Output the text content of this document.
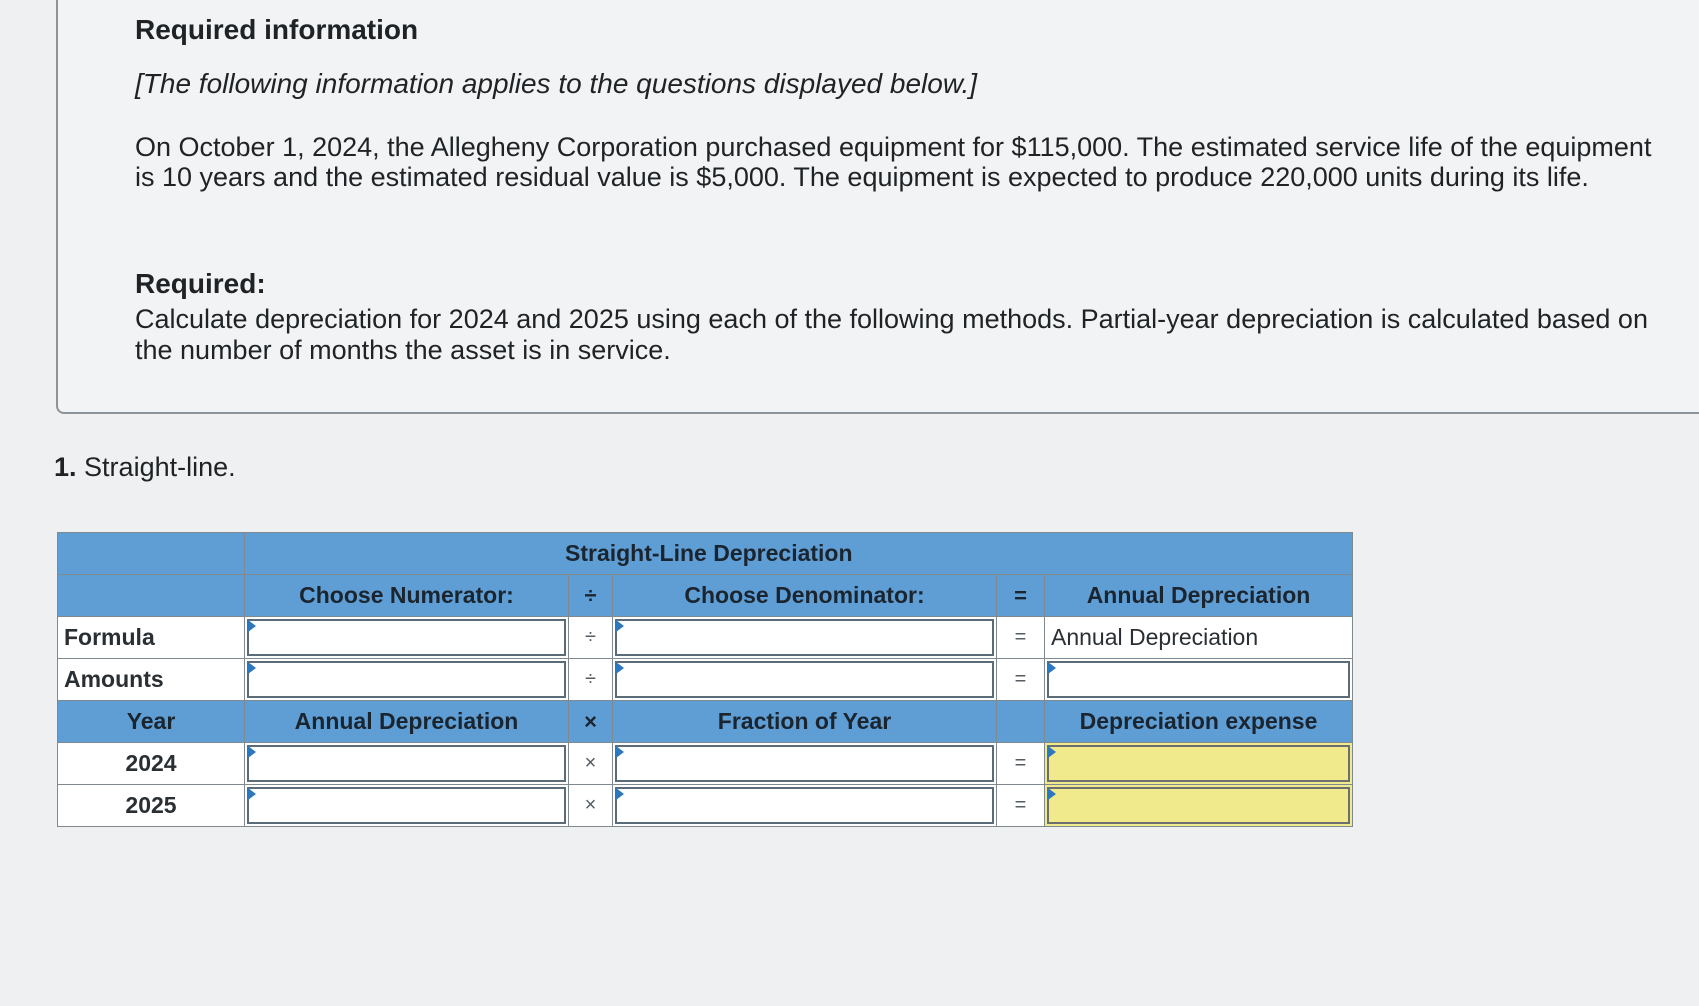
Required information
[The following information applies to the questions displayed below.]
On October 1, 2024, the Allegheny Corporation purchased equipment for $115,000. The estimated service life of the equipment is 10 years and the estimated residual value is $5,000. The equipment is expected to produce 220,000 units during its life.
Required:
Calculate depreciation for 2024 and 2025 using each of the following methods. Partial-year depreciation is calculated based on the number of months the asset is in service.
1. Straight-line.
	Straight-Line Depreciation				
	Choose Numerator:	÷	Choose Denominator:	=	Annual Depreciation
Formula		÷		=	Annual Depreciation
Amounts		÷		=	

Year	Annual Depreciation	×	Fraction of Year		Depreciation expense
2024		×		=	

2025		×		=	
